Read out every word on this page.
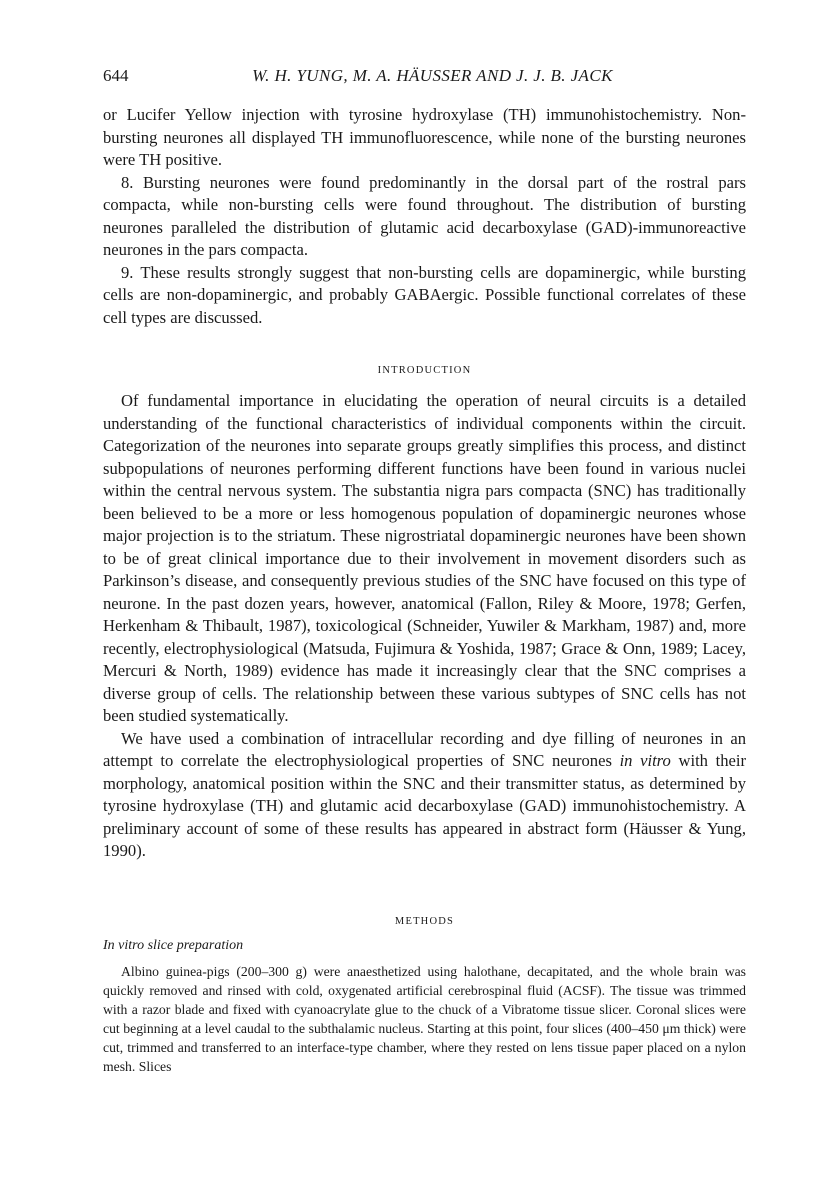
644	W. H. YUNG, M. A. HÄUSSER AND J. J. B. JACK

or Lucifer Yellow injection with tyrosine hydroxylase (TH) immunohistochemistry. Non-bursting neurones all displayed TH immunofluorescence, while none of the bursting neurones were TH positive.

8. Bursting neurones were found predominantly in the dorsal part of the rostral pars compacta, while non-bursting cells were found throughout. The distribution of bursting neurones paralleled the distribution of glutamic acid decarboxylase (GAD)-immunoreactive neurones in the pars compacta.

9. These results strongly suggest that non-bursting cells are dopaminergic, while bursting cells are non-dopaminergic, and probably GABAergic. Possible functional correlates of these cell types are discussed.

INTRODUCTION

Of fundamental importance in elucidating the operation of neural circuits is a detailed understanding of the functional characteristics of individual components within the circuit. Categorization of the neurones into separate groups greatly simplifies this process, and distinct subpopulations of neurones performing different functions have been found in various nuclei within the central nervous system. The substantia nigra pars compacta (SNC) has traditionally been believed to be a more or less homogenous population of dopaminergic neurones whose major projection is to the striatum. These nigrostriatal dopaminergic neurones have been shown to be of great clinical importance due to their involvement in movement disorders such as Parkinson’s disease, and consequently previous studies of the SNC have focused on this type of neurone. In the past dozen years, however, anatomical (Fallon, Riley & Moore, 1978; Gerfen, Herkenham & Thibault, 1987), toxicological (Schneider, Yuwiler & Markham, 1987) and, more recently, electrophysiological (Matsuda, Fujimura & Yoshida, 1987; Grace & Onn, 1989; Lacey, Mercuri & North, 1989) evidence has made it increasingly clear that the SNC comprises a diverse group of cells. The relationship between these various subtypes of SNC cells has not been studied systematically.

We have used a combination of intracellular recording and dye filling of neurones in an attempt to correlate the electrophysiological properties of SNC neurones in vitro with their morphology, anatomical position within the SNC and their transmitter status, as determined by tyrosine hydroxylase (TH) and glutamic acid decarboxylase (GAD) immunohistochemistry. A preliminary account of some of these results has appeared in abstract form (Häusser & Yung, 1990).

METHODS
In vitro slice preparation

Albino guinea-pigs (200–300 g) were anaesthetized using halothane, decapitated, and the whole brain was quickly removed and rinsed with cold, oxygenated artificial cerebrospinal fluid (ACSF). The tissue was trimmed with a razor blade and fixed with cyanoacrylate glue to the chuck of a Vibratome tissue slicer. Coronal slices were cut beginning at a level caudal to the subthalamic nucleus. Starting at this point, four slices (400–450 μm thick) were cut, trimmed and transferred to an interface-type chamber, where they rested on lens tissue paper placed on a nylon mesh. Slices
